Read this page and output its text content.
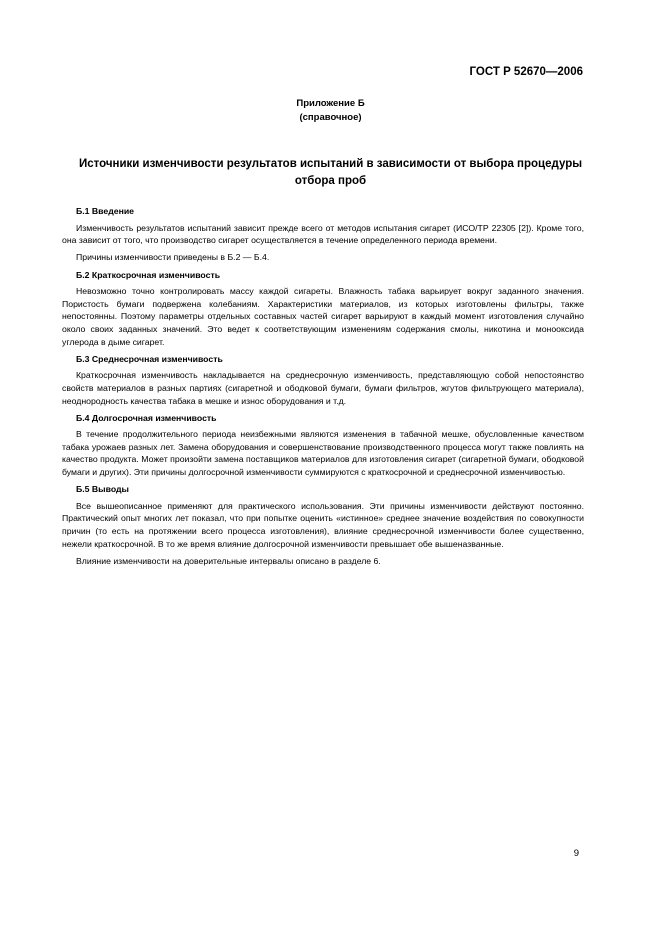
ГОСТ Р 52670—2006
Приложение Б
(справочное)
Источники изменчивости результатов испытаний в зависимости от выбора процедуры
отбора проб
Б.1 Введение
Изменчивость результатов испытаний зависит прежде всего от методов испытания сигарет (ИСО/ТР 22305 [2]). Кроме того, она зависит от того, что производство сигарет осуществляется в течение определенного периода времени.
Причины изменчивости приведены в Б.2 — Б.4.
Б.2 Краткосрочная изменчивость
Невозможно точно контролировать массу каждой сигареты. Влажность табака варьирует вокруг заданного значения. Пористость бумаги подвержена колебаниям. Характеристики материалов, из которых изготовлены фильтры, также непостоянны. Поэтому параметры отдельных составных частей сигарет варьируют в каждый момент изготовления случайно около своих заданных значений. Это ведет к соответствующим изменениям содержания смолы, никотина и монооксида углерода в дыме сигарет.
Б.3 Среднесрочная изменчивость
Краткосрочная изменчивость накладывается на среднесрочную изменчивость, представляющую собой непостоянство свойств материалов в разных партиях (сигаретной и ободковой бумаги, бумаги фильтров, жгутов фильтрующего материала), неоднородность качества табака в мешке и износ оборудования и т.д.
Б.4 Долгосрочная изменчивость
В течение продолжительного периода неизбежными являются изменения в табачной мешке, обусловленные качеством табака урожаев разных лет. Замена оборудования и совершенствование производственного процесса могут также повлиять на качество продукта. Может произойти замена поставщиков материалов для изготовления сигарет (сигаретной бумаги, ободковой бумаги и других). Эти причины долгосрочной изменчивости суммируются с краткосрочной и среднесрочной изменчивостью.
Б.5 Выводы
Все вышеописанное применяют для практического использования. Эти причины изменчивости действуют постоянно. Практический опыт многих лет показал, что при попытке оценить «истинное» среднее значение воздействия по совокупности причин (то есть на протяжении всего процесса изготовления), влияние среднесрочной изменчивости более существенно, нежели краткосрочной. В то же время влияние долгосрочной изменчивости превышает обе вышеназванные.
Влияние изменчивости на доверительные интервалы описано в разделе 6.
9
